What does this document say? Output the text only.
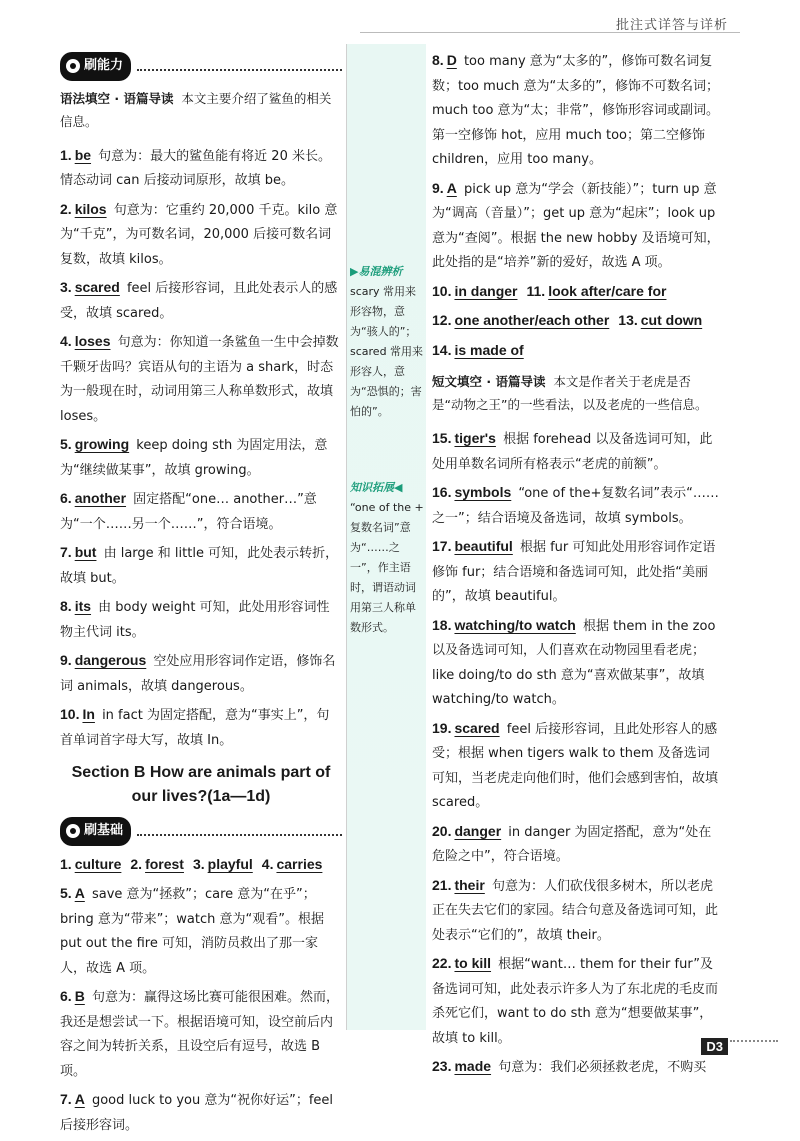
批注式详答与详析
刷能力
语法填空 · 语篇导读 本文主要介绍了鲨鱼的相关信息。
1. be 句意为：最大的鲨鱼能有将近 20 米长。情态动词 can 后接动词原形，故填 be。
2. kilos 句意为：它重约 20,000 千克。kilo 意为“千克”，为可数名词，20,000 后接可数名词复数，故填 kilos。
3. scared feel 后接形容词，且此处表示人的感受，故填 scared。
4. loses 句意为：你知道一条鲨鱼一生中会掉数千颗牙齿吗？宾语从句的主语为 a shark，时态为一般现在时，动词用第三人称单数形式，故填 loses。
5. growing keep doing sth 为固定用法，意为“继续做某事”，故填 growing。
6. another 固定搭配“one… another…”意为“一个……另一个……”，符合语境。
7. but 由 large 和 little 可知，此处表示转折，故填 but。
8. its 由 body weight 可知，此处用形容词性物主代词 its。
9. dangerous 空处应用形容词作定语，修饰名词 animals，故填 dangerous。
10. In in fact 为固定搭配，意为“事实上”，句首单词首字母大写，故填 In。
Section B How are animals part of our lives?(1a—1d)
刷基础
1. culture 2. forest 3. playful 4. carries
5. A save 意为“拯救”；care 意为“在乎”；bring 意为“带来”；watch 意为“观看”。根据 put out the fire 可知，消防员救出了那一家人，故选 A 项。
6. B 句意为：赢得这场比赛可能很困难。然而，我还是想尝试一下。根据语境可知，设空前后内容之间为转折关系，且设空后有逗号，故选 B 项。
7. A good luck to you 意为“祝你好运”；feel 后接形容词。
▶易混辨析
scary 常用来形容物，意为“骇人的”；scared 常用来形容人，意为“恐惧的；害怕的”。
知识拓展◀
“one of the + 复数名词”意为“……之一”，作主语时，谓语动词用第三人称单数形式。
8. D too many 意为“太多的”，修饰可数名词复数；too much 意为“太多的”，修饰不可数名词；much too 意为“太；非常”，修饰形容词或副词。第一空修饰 hot，应用 much too；第二空修饰 children，应用 too many。
9. A pick up 意为“学会（新技能）”；turn up 意为“调高（音量）”；get up 意为“起床”；look up 意为“查阅”。根据 the new hobby 及语境可知，此处指的是“培养”新的爱好，故选 A 项。
10. in danger 11. look after/care for
12. one another/each other 13. cut down
14. is made of
短文填空 · 语篇导读 本文是作者关于老虎是否是“动物之王”的一些看法，以及老虎的一些信息。
15. tiger's 根据 forehead 以及备选词可知，此处用单数名词所有格表示“老虎的前额”。
16. symbols “one of the+复数名词”表示“……之一”；结合语境及备选词，故填 symbols。
17. beautiful 根据 fur 可知此处用形容词作定语修饰 fur；结合语境和备选词可知，此处指“美丽的”，故填 beautiful。
18. watching/to watch 根据 them in the zoo 以及备选词可知，人们喜欢在动物园里看老虎；like doing/to do sth 意为“喜欢做某事”，故填 watching/to watch。
19. scared feel 后接形容词，且此处形容人的感受；根据 when tigers walk to them 及备选词可知，当老虎走向他们时，他们会感到害怕，故填 scared。
20. danger in danger 为固定搭配，意为“处在危险之中”，符合语境。
21. their 句意为：人们砍伐很多树木，所以老虎正在失去它们的家园。结合句意及备选词可知，此处表示“它们的”，故填 their。
22. to kill 根据“want… them for their fur”及备选词可知，此处表示许多人为了东北虎的毛皮而杀死它们，want to do sth 意为“想要做某事”，故填 to kill。
23. made 句意为：我们必须拯救老虎，不购买
D3
